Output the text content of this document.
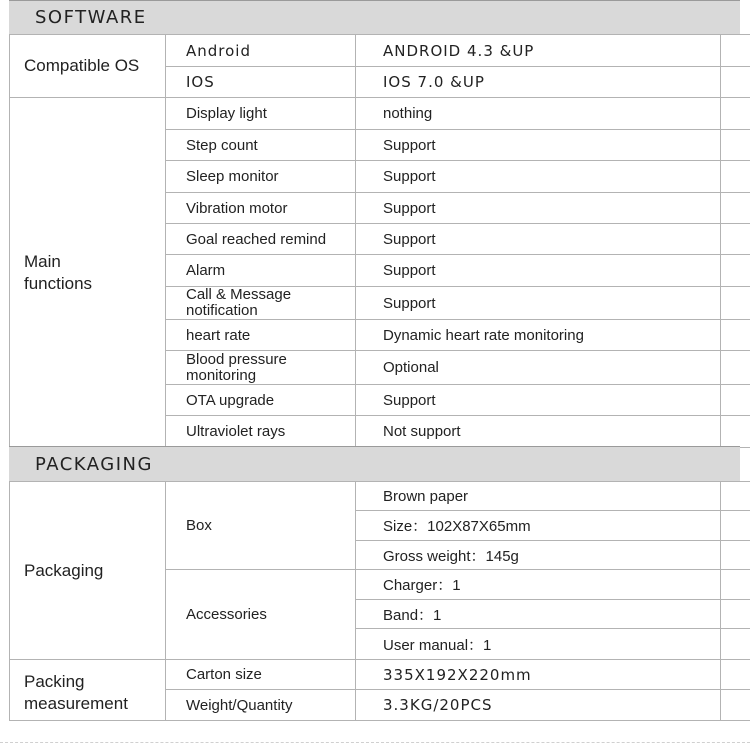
SOFTWARE
Compatible OS	Android	ANDROID 4.3 &UP	
	IOS	IOS 7.0 &UP	
Main functions	Display light	nothing	
	Step count	Support	
	Sleep monitor	Support	
	Vibration motor	Support	
	Goal reached remind	Support	
	Alarm	Support	
	Call & Message notification	Support	
	heart rate	Dynamic heart rate monitoring	
	Blood pressure monitoring	Optional	
	OTA upgrade	Support	
	Ultraviolet rays	Not support	
PACKAGING
Packaging	Box	Brown paper	
		Size：102X87X65mm	
		Gross weight：145g	
	Accessories	Charger：1	
		Band：1	
		User manual：1	
Packing measurement	Carton size	335X192X220mm	
	Weight/Quantity	3.3KG/20PCS	
